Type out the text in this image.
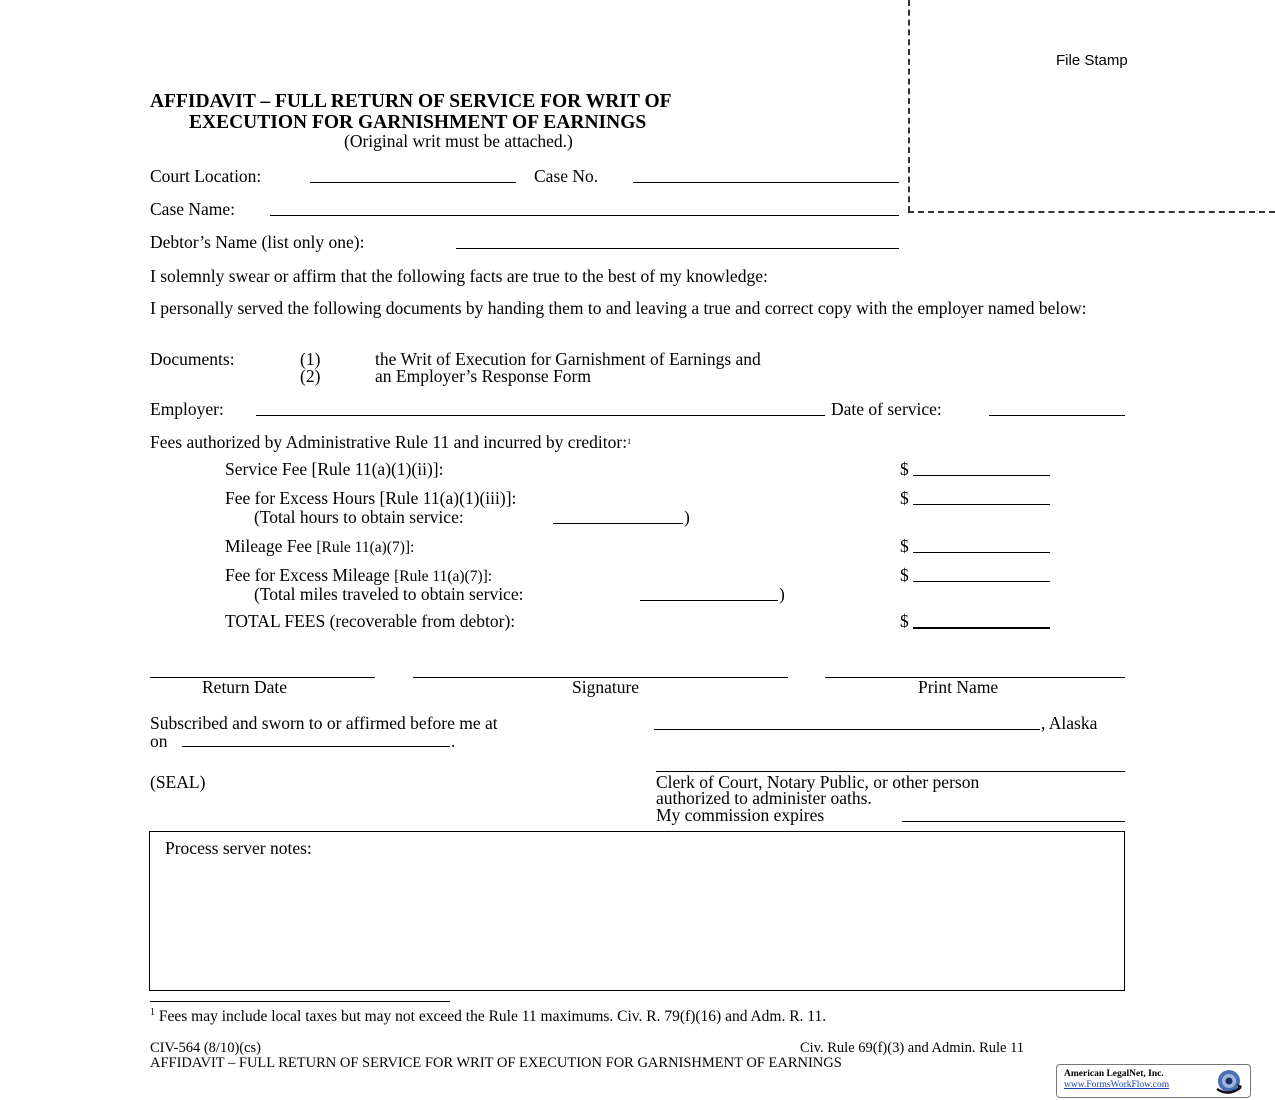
File Stamp
AFFIDAVIT – FULL RETURN OF SERVICE FOR WRIT OF
EXECUTION FOR GARNISHMENT OF EARNINGS
(Original writ must be attached.)
Court Location:	Case No.
Case Name:
Debtor’s Name (list only one):
I solemnly swear or affirm that the following facts are true to the best of my knowledge:
I personally served the following documents by handing them to and leaving a true and correct copy with the employer named below:
Documents:	(1)	the Writ of Execution for Garnishment of Earnings and
(2)	an Employer’s Response Form
Employer:	Date of service:
Fees authorized by Administrative Rule 11 and incurred by creditor:$^1$
Service Fee [Rule 11(a)(1)(ii)]:	$
Fee for Excess Hours [Rule 11(a)(1)(iii)]:	$
(Total hours to obtain service:	)
Mileage Fee [Rule 11(a)(7)]:	$
Fee for Excess Mileage [Rule 11(a)(7)]:	$
(Total miles traveled to obtain service:	)
TOTAL FEES (recoverable from debtor):	$
Return Date	Signature	Print Name
Subscribed and sworn to or affirmed before me at	, Alaska
on	.
(SEAL)	Clerk of Court, Notary Public, or other person
authorized to administer oaths.
My commission expires
Process server notes:
$^1$ Fees may include local taxes but may not exceed the Rule 11 maximums. Civ. R. 79(f)(16) and Adm. R. 11.
CIV-564 (8/10)(cs)	Civ. Rule 69(f)(3) and Admin. Rule 11
AFFIDAVIT – FULL RETURN OF SERVICE FOR WRIT OF EXECUTION FOR GARNISHMENT OF EARNINGS
American LegalNet, Inc.
www.FormsWorkFlow.com
